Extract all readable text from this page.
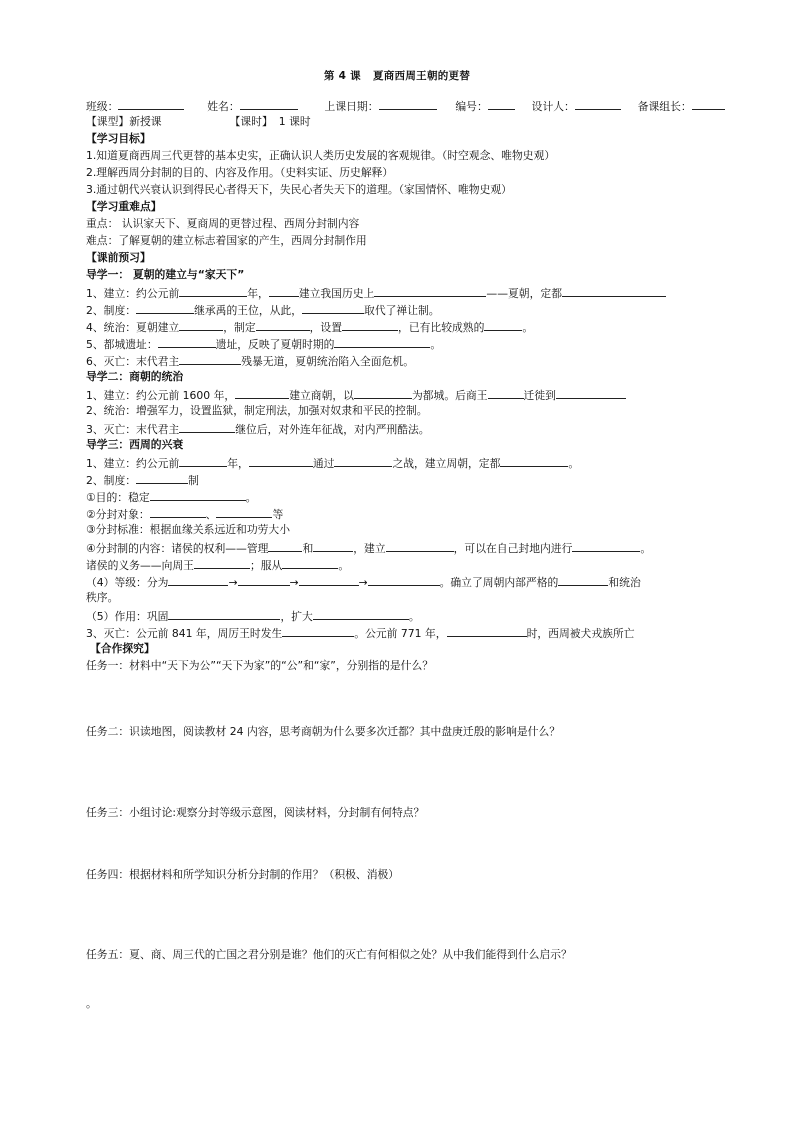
第 4 课 夏商西周王朝的更替
班级：	姓名：	上课日期：	编号：	设计人：	备课组长：
【课型】新授课	【课时】 1 课时
【学习目标】
1.知道夏商西周三代更替的基本史实，正确认识人类历史发展的客观规律。（时空观念、唯物史观）
2.理解西周分封制的目的、内容及作用。（史料实证、历史解释）
3.通过朝代兴衰认识到得民心者得天下，失民心者失天下的道理。（家国情怀、唯物史观）
【学习重难点】
重点： 认识家天下、夏商周的更替过程、西周分封制内容
难点：了解夏朝的建立标志着国家的产生，西周分封制作用
【课前预习】
导学一： 夏朝的建立与“家天下”
1、建立：约公元前	年，	建立我国历史上	——夏朝，定都
2、制度：	继承禹的王位，从此，	取代了禅让制。
4、统治：夏朝建立	，制定	，设置	，已有比较成熟的	。
5、都城遗址：	遗址，反映了夏朝时期的	。
6、灭亡：末代君主	残暴无道，夏朝统治陷入全面危机。
导学二：商朝的统治
1、建立：约公元前 1600 年，	建立商朝，以	为都城。后商王	迁徙到
2、统治：增强军力，设置监狱，制定刑法，加强对奴隶和平民的控制。
3、灭亡：末代君主	继位后，对外连年征战，对内严刑酷法。
导学三：西周的兴衰
1、建立：约公元前	年，	通过	之战，建立周朝，定都	。
2、制度：	制
①目的：稳定	。
②分封对象：	、	等
③分封标准：根据血缘关系远近和功劳大小
④分封制的内容：诸侯的权利——管理	和	，建立	，可以在自己封地内进行	。
诸侯的义务——向周王	；服从	。
（4）等级：分为	→	→	→	。确立了周朝内部严格的	和统治
秩序。
（5）作用：巩固	，扩大	。
3、灭亡：公元前 841 年，周厉王时发生	。公元前 771 年，	时，西周被犬戎族所亡
【合作探究】
任务一：材料中“天下为公”“天下为家”的“公”和“家”，分别指的是什么？
任务二：识读地图，阅读教材 24 内容，思考商朝为什么要多次迁都？其中盘庚迁殷的影响是什么？
任务三：小组讨论:观察分封等级示意图，阅读材料，分封制有何特点？
任务四：根据材料和所学知识分析分封制的作用？（积极、消极）
任务五：夏、商、周三代的亡国之君分别是谁？他们的灭亡有何相似之处？从中我们能得到什么启示？
。
